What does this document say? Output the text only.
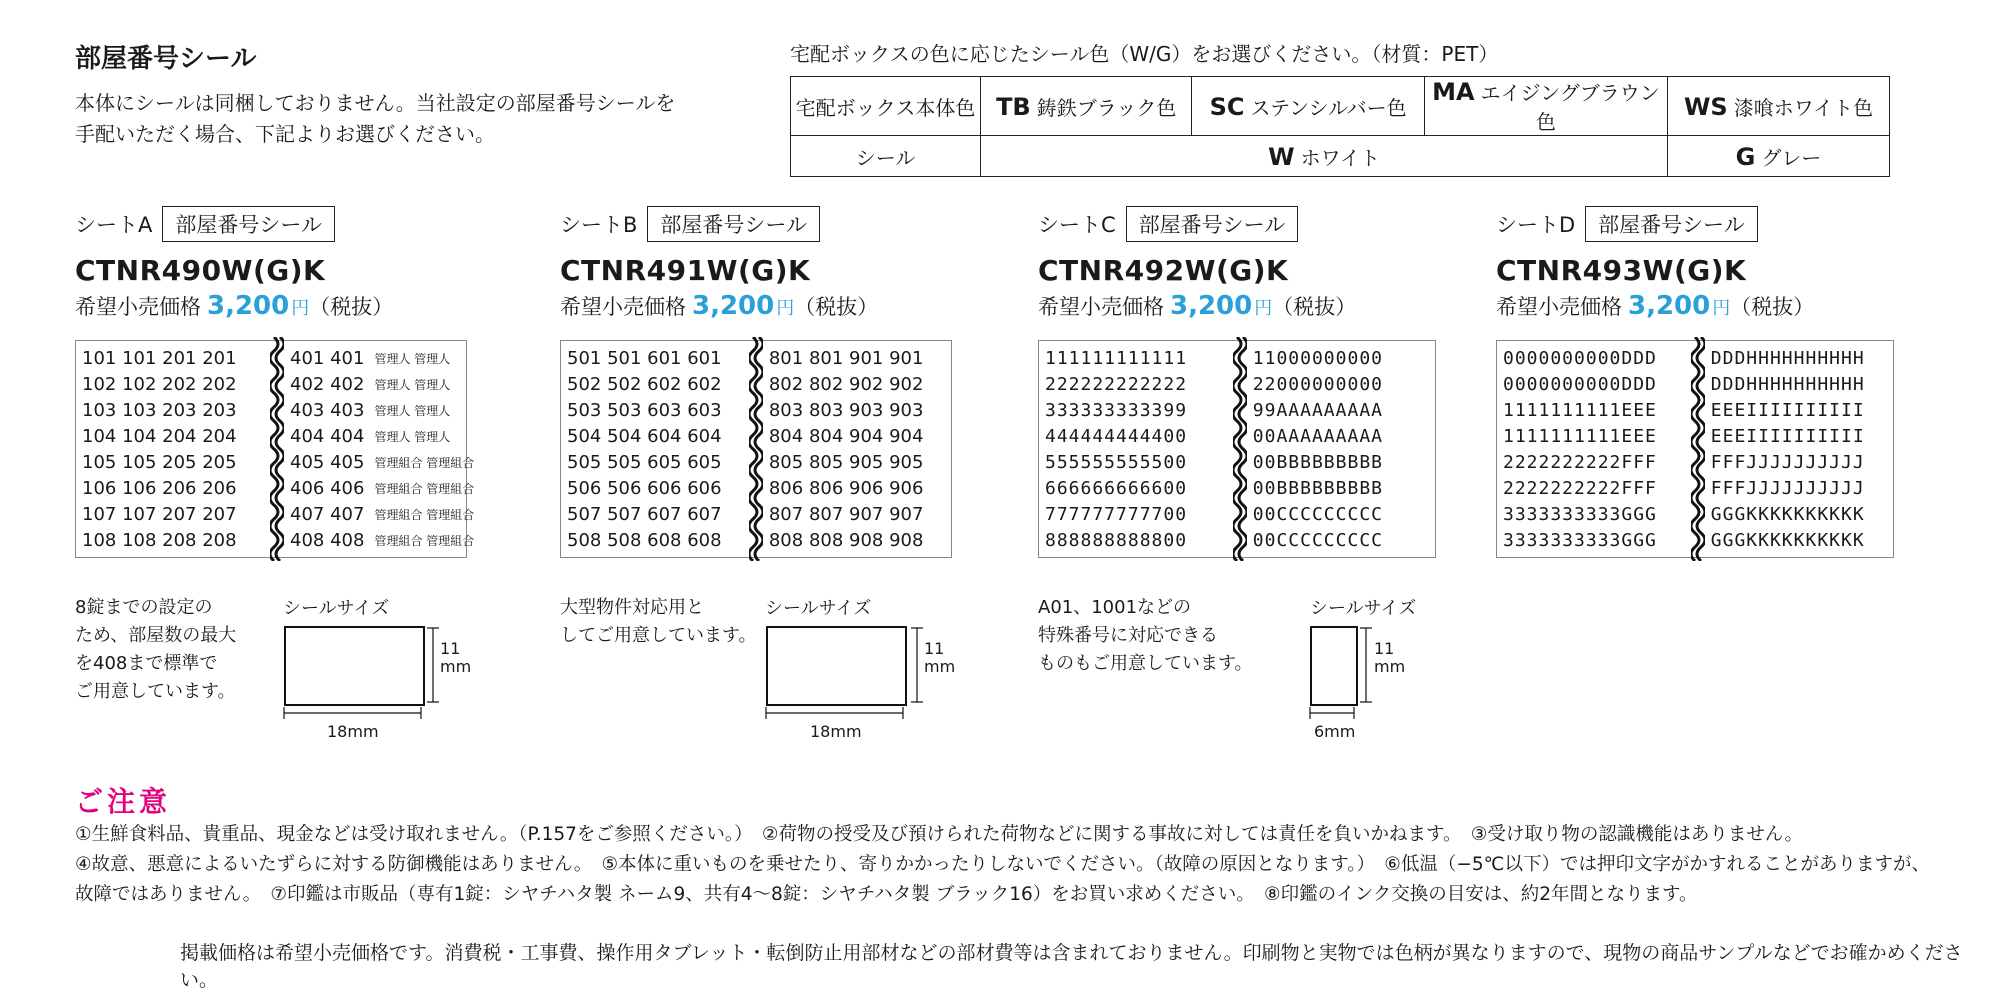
部屋番号シール
本体にシールは同梱しておりません。当社設定の部屋番号シールを
手配いただく場合、下記よりお選びください。
宅配ボックスの色に応じたシール色（W/G）をお選びください。（材質：PET）
宅配ボックス本体色	TB 鋳鉄ブラック色	SC ステンシルバー色	MA エイジングブラウン色	WS 漆喰ホワイト色
シール	W ホワイト			G グレー
シートA	部屋番号シール
CTNR490W(G)K
希望小売価格 3,200 円（税抜）
シートB	部屋番号シール
CTNR491W(G)K
希望小売価格 3,200 円（税抜）
シートC	部屋番号シール
CTNR492W(G)K
希望小売価格 3,200 円（税抜）
シートD	部屋番号シール
CTNR493W(G)K
希望小売価格 3,200 円（税抜）
101 101 201 201
102 102 202 202
103 103 203 203
104 104 204 204
105 105 205 205
106 106 206 206
107 107 207 207
108 108 208 208
401 401 管理人 管理人
402 402 管理人 管理人
403 403 管理人 管理人
404 404 管理人 管理人
405 405 管理組合 管理組合
406 406 管理組合 管理組合
407 407 管理組合 管理組合
408 408 管理組合 管理組合
501 501 601 601
502 502 602 602
503 503 603 603
504 504 604 604
505 505 605 605
506 506 606 606
507 507 607 607
508 508 608 608
801 801 901 901
802 802 902 902
803 803 903 903
804 804 904 904
805 805 905 905
806 806 906 906
807 807 907 907
808 808 908 908
111111111111
222222222222
333333333399
444444444400
555555555500
666666666600
777777777700
888888888800
11000000000
22000000000
99AAAAAAAAA
00AAAAAAAAA
00BBBBBBBBB
00BBBBBBBBB
00CCCCCCCCC
00CCCCCCCCC
0000000000DDD
0000000000DDD
1111111111EEE
1111111111EEE
2222222222FFF
2222222222FFF
3333333333GGG
3333333333GGG
DDDHHHHHHHHHH
DDDHHHHHHHHHH
EEEIIIIIIIIII
EEEIIIIIIIIII
FFFJJJJJJJJJJ
FFFJJJJJJJJJJ
GGGKKKKKKKKKK
GGGKKKKKKKKKK
8錠までの設定の
ため、部屋数の最大
を408まで標準で
ご用意しています。
シールサイズ
11
mm
18mm
大型物件対応用と
してご用意しています。
シールサイズ
11
mm
18mm
A01、1001などの
特殊番号に対応できる
ものもご用意しています。
シールサイズ
11
mm
6mm
ご注意
①生鮮食料品、貴重品、現金などは受け取れません。（P.157をご参照ください。）　②荷物の授受及び預けられた荷物などに関する事故に対しては責任を負いかねます。　③受け取り物の認識機能はありません。
④故意、悪意によるいたずらに対する防御機能はありません。　⑤本体に重いものを乗せたり、寄りかかったりしないでください。（故障の原因となります。）　⑥低温（−5℃以下）では押印文字がかすれることがありますが、
故障ではありません。　⑦印鑑は市販品（専有1錠：シヤチハタ製 ネーム9、共有4〜8錠：シヤチハタ製 ブラック16）をお買い求めください。　⑧印鑑のインク交換の目安は、約2年間となります。
掲載価格は希望小売価格です。消費税・工事費、操作用タブレット・転倒防止用部材などの部材費等は含まれておりません。印刷物と実物では色柄が異なりますので、現物の商品サンプルなどでお確かめください。
